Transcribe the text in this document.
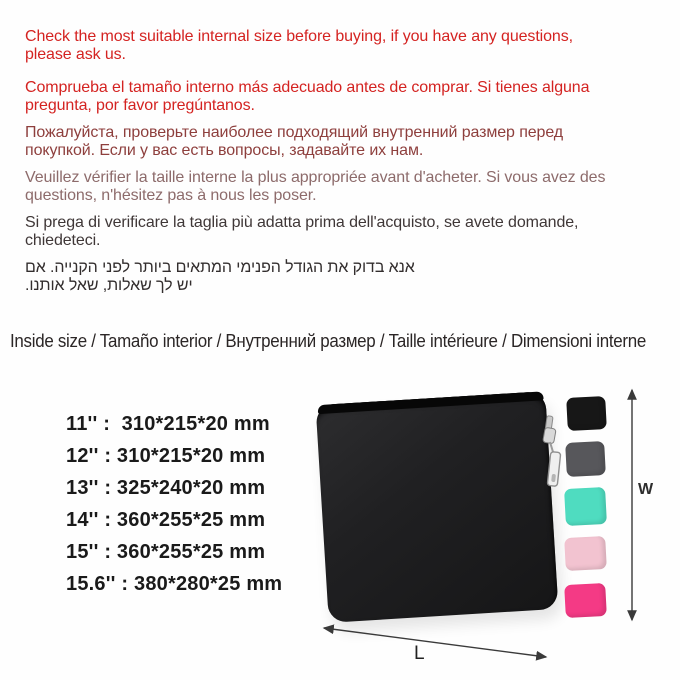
Check the most suitable internal size before buying, if you have any questions,
please ask us.

Comprueba el tamaño interno más adecuado antes de comprar. Si tienes alguna
pregunta, por favor pregúntanos.

Пожалуйста, проверьте наиболее подходящий внутренний размер перед
покупкой. Если у вас есть вопросы, задавайте их нам.

Veuillez vérifier la taille interne la plus appropriée avant d'acheter. Si vous avez des
questions, n'hésitez pas à nous les poser.

Si prega di verificare la taglia più adatta prima dell'acquisto, se avete domande,
chiedeteci.

אנא בדוק את הגודל הפנימי המתאים ביותר לפני הקנייה. אם
יש לך שאלות, שאל אותנו.

Inside size / Tamaño interior / Внутренний размер / Taille intérieure / Dimensioni interne
11'' :  310*215*20 mm
12'' : 310*215*20 mm
13'' : 325*240*20 mm
14'' : 360*255*25 mm
15'' : 360*255*25 mm
15.6'' : 380*280*25 mm
W
L
